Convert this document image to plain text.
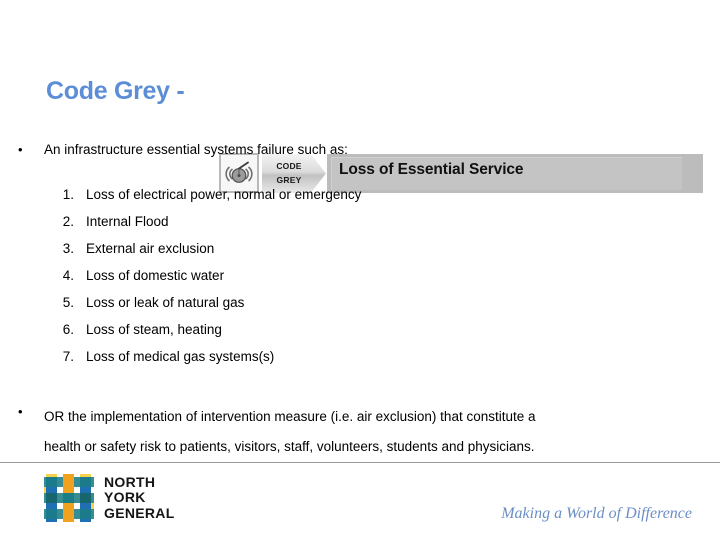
Code Grey -
CODE
GREY
Loss of Essential Service
• An infrastructure essential systems failure such as:
1. Loss of electrical power, normal or emergency
2. Internal Flood
3. External air exclusion
4. Loss of domestic water
5. Loss or leak of natural gas
6. Loss of steam, heating
7. Loss of medical gas systems(s)
• OR the implementation of intervention measure (i.e. air exclusion) that constitute a
health or safety risk to patients, visitors, staff, volunteers, students and physicians.
NORTH
YORK
GENERAL	Making a World of Difference
